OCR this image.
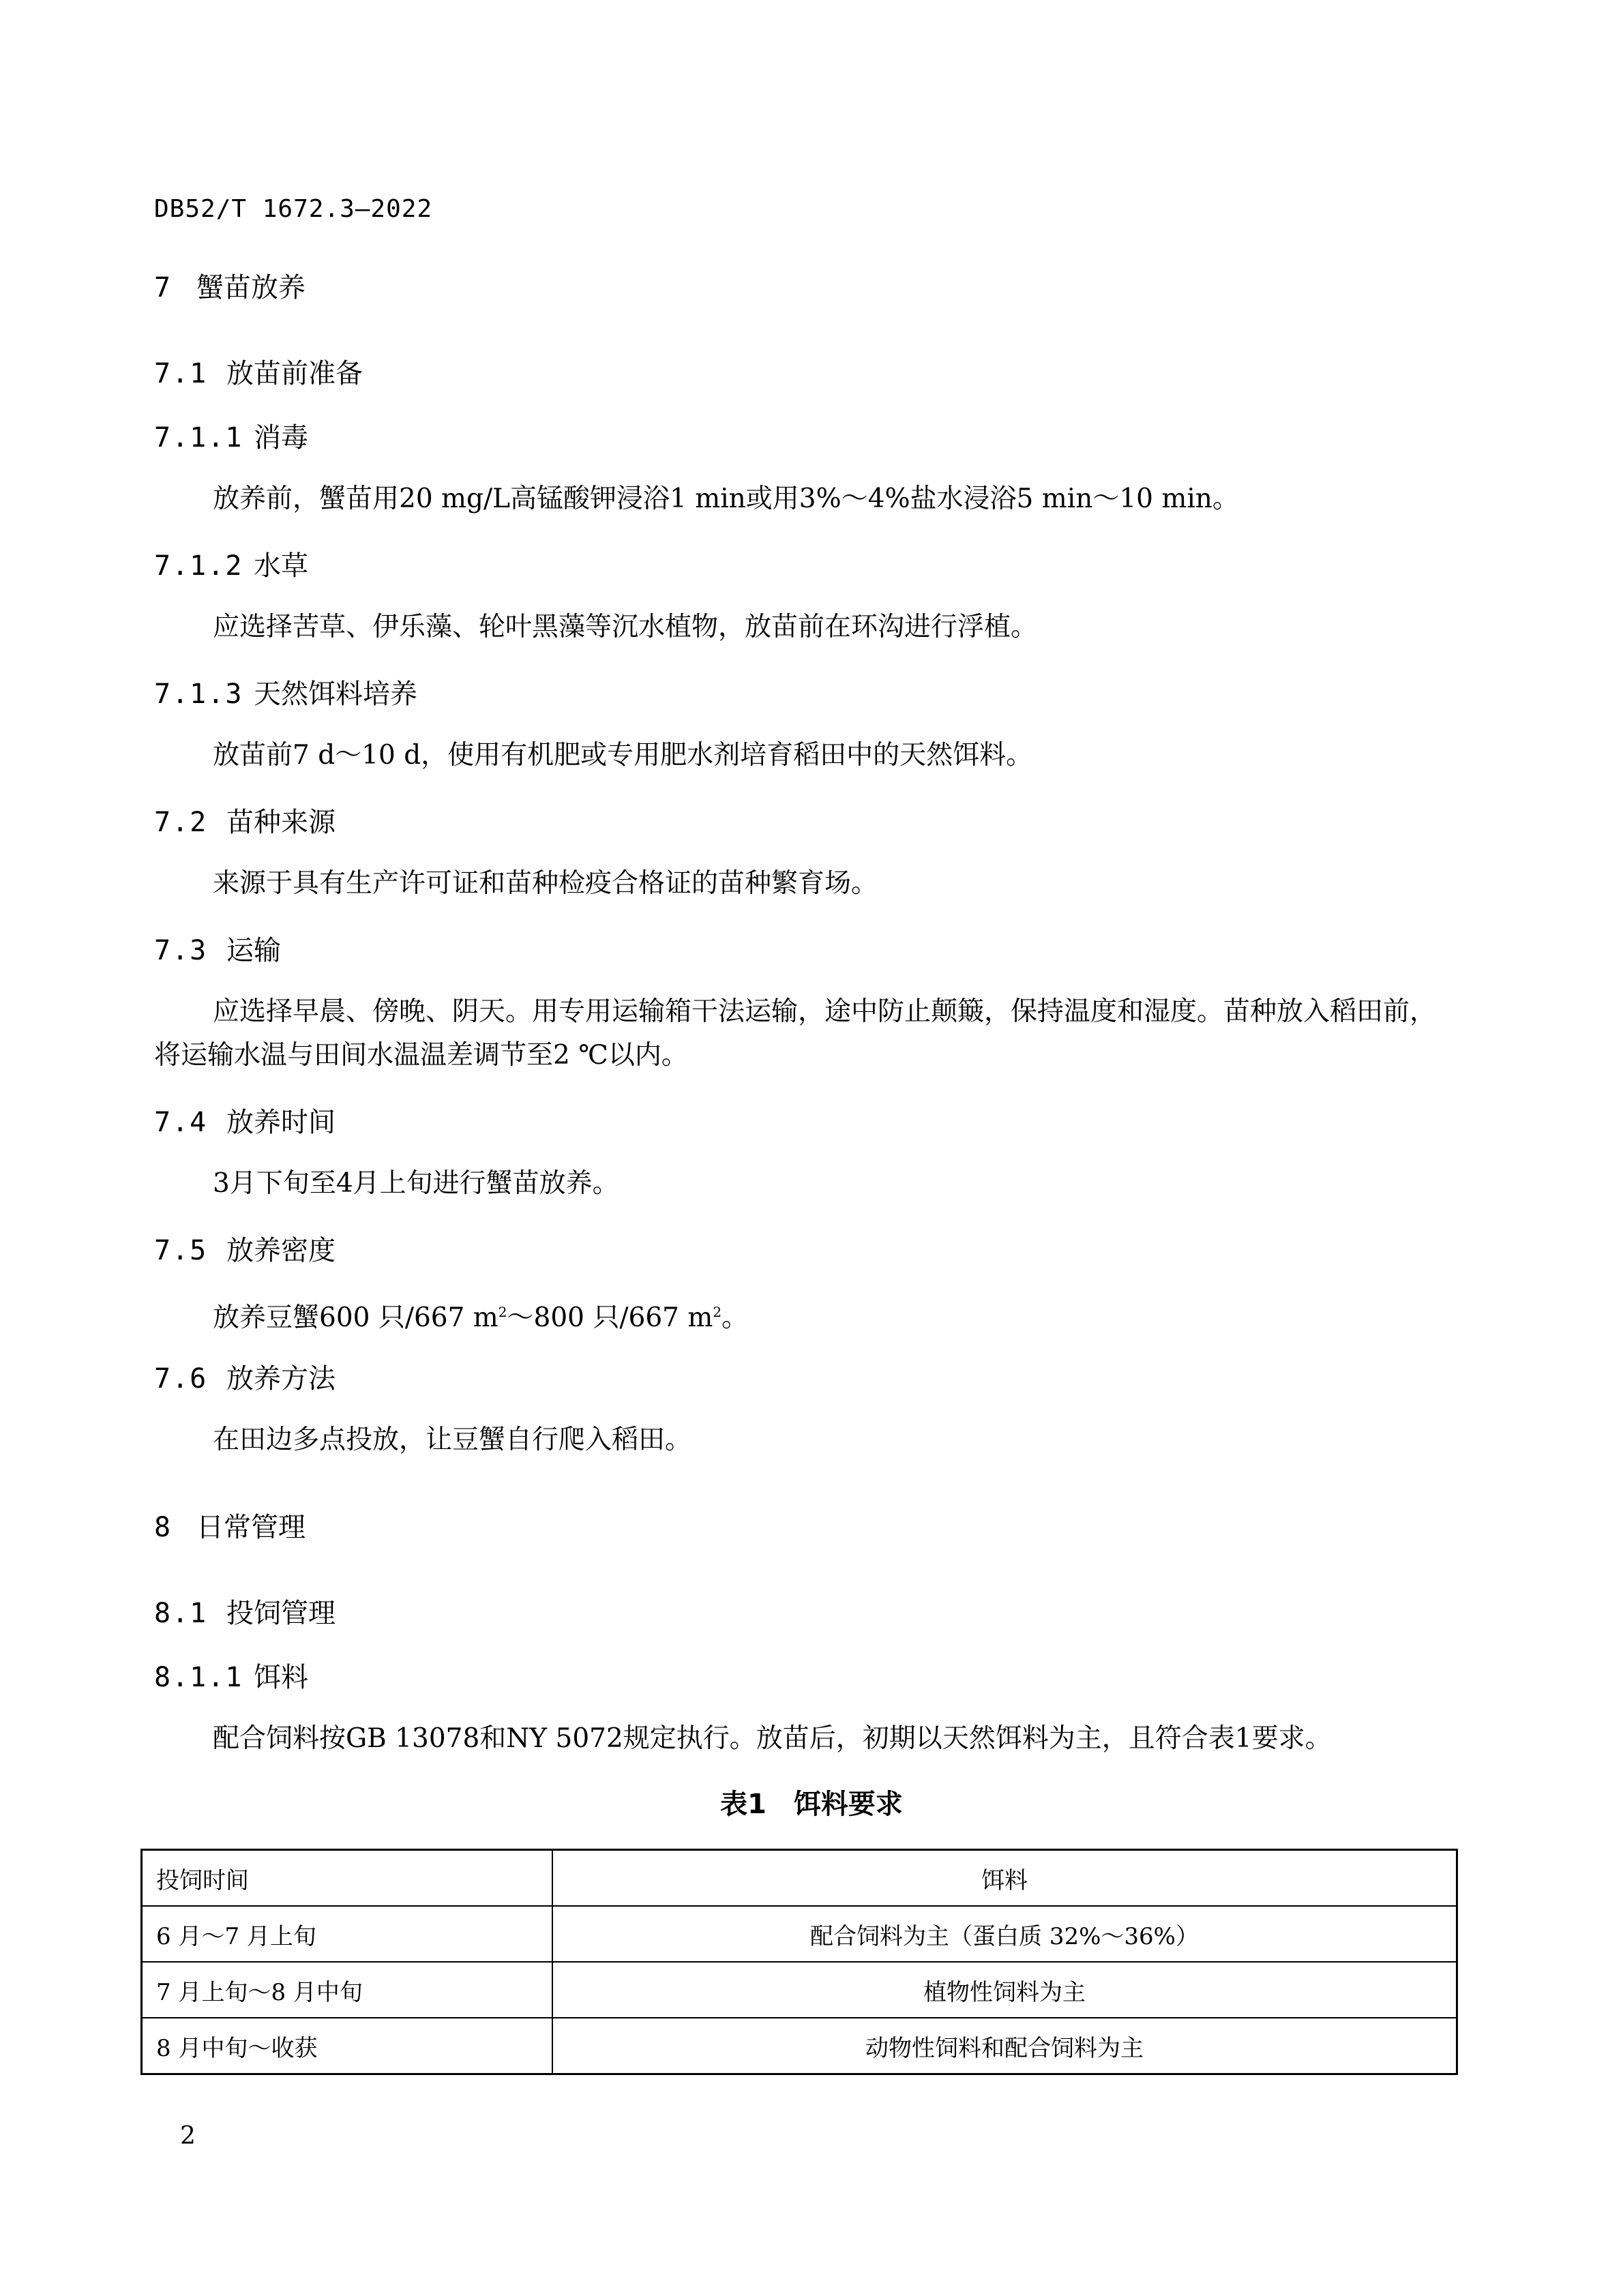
DB52/T 1672.3—2022
7 蟹苗放养
7.1 放苗前准备
7.1.1 消毒
放养前，蟹苗用20 mg/L高锰酸钾浸浴1 min或用3%～4%盐水浸浴5 min～10 min。
7.1.2 水草
应选择苦草、伊乐藻、轮叶黑藻等沉水植物，放苗前在环沟进行浮植。
7.1.3 天然饵料培养
放苗前7 d～10 d，使用有机肥或专用肥水剂培育稻田中的天然饵料。
7.2 苗种来源
来源于具有生产许可证和苗种检疫合格证的苗种繁育场。
7.3 运输
应选择早晨、傍晚、阴天。用专用运输箱干法运输，途中防止颠簸，保持温度和湿度。苗种放入稻田前，将运输水温与田间水温温差调节至2 ℃以内。
7.4 放养时间
3月下旬至4月上旬进行蟹苗放养。
7.5 放养密度
放养豆蟹600 只/667 $m^2\sim 800$ 只/667 $m^2$。
7.6 放养方法
在田边多点投放，让豆蟹自行爬入稻田。
8 日常管理
8.1 投饲管理
8.1.1 饵料
配合饲料按GB 13078和NY 5072规定执行。放苗后，初期以天然饵料为主，且符合表1要求。
表1　饵料要求
投饲时间	饵料
6 月～7 月上旬	配合饲料为主（蛋白质 32%～36%）
7 月上旬～8 月中旬	植物性饲料为主
8 月中旬～收获	动物性饲料和配合饲料为主
2
